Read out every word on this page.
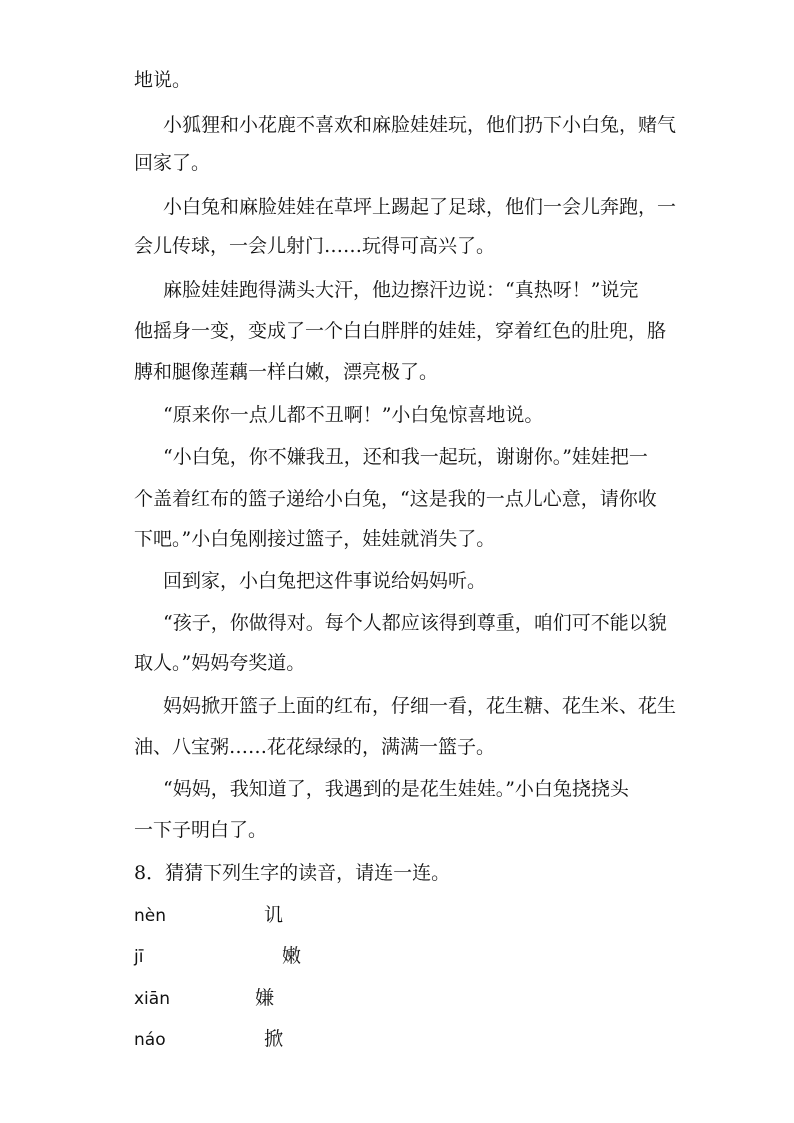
地说。
小狐狸和小花鹿不喜欢和麻脸娃娃玩，他们扔下小白兔，赌气
回家了。
小白兔和麻脸娃娃在草坪上踢起了足球，他们一会儿奔跑，一
会儿传球，一会儿射门……玩得可高兴了。
麻脸娃娃跑得满头大汗，他边擦汗边说：“真热呀！”说完
他摇身一变，变成了一个白白胖胖的娃娃，穿着红色的肚兜，胳
膊和腿像莲藕一样白嫩，漂亮极了。
“原来你一点儿都不丑啊！”小白兔惊喜地说。
“小白兔，你不嫌我丑，还和我一起玩，谢谢你。”娃娃把一
个盖着红布的篮子递给小白兔，“这是我的一点儿心意，请你收
下吧。”小白兔刚接过篮子，娃娃就消失了。
回到家，小白兔把这件事说给妈妈听。
“孩子，你做得对。每个人都应该得到尊重，咱们可不能以貌
取人。”妈妈夸奖道。
妈妈掀开篮子上面的红布，仔细一看，花生糖、花生米、花生
油、八宝粥……花花绿绿的，满满一篮子。
“妈妈，我知道了，我遇到的是花生娃娃。”小白兔挠挠头
一下子明白了。
8．猜猜下列生字的读音，请连一连。
nèn
jī
xiān
náo
讥
嫩
嫌
掀
